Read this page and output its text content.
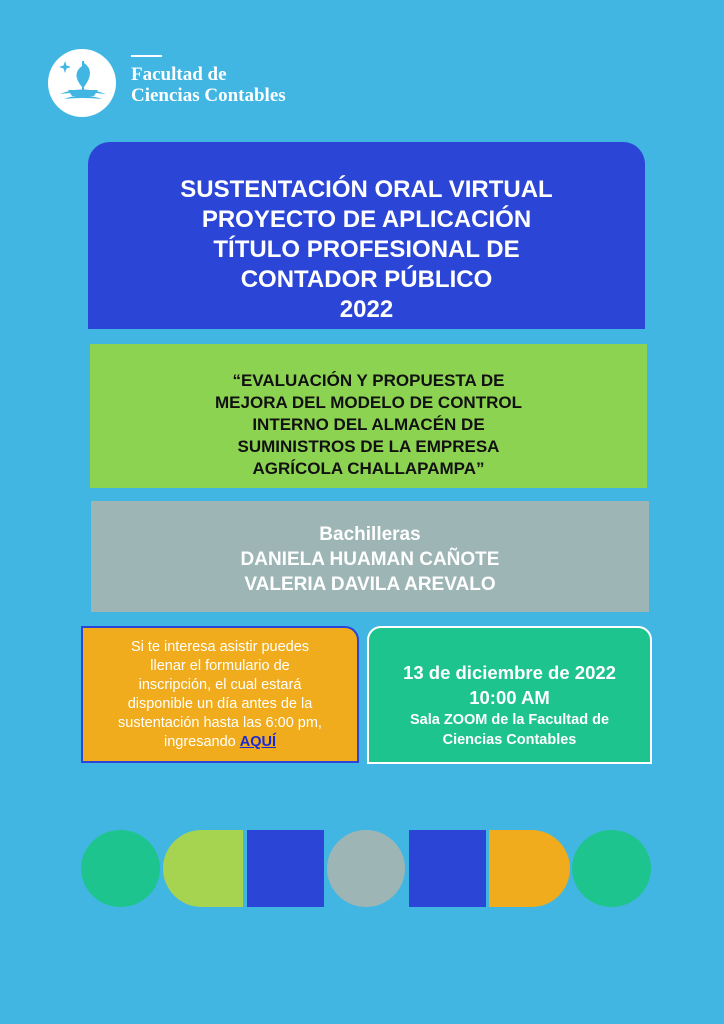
Facultad de
Ciencias Contables
SUSTENTACIÓN ORAL VIRTUAL
PROYECTO DE APLICACIÓN
TÍTULO PROFESIONAL DE
CONTADOR PÚBLICO
2022
“EVALUACIÓN Y PROPUESTA DE
MEJORA DEL MODELO DE CONTROL
INTERNO DEL ALMACÉN DE
SUMINISTROS DE LA EMPRESA
AGRÍCOLA CHALLAPAMPA”
Bachilleras
DANIELA HUAMAN CAÑOTE
VALERIA DAVILA AREVALO
Si te interesa asistir puedes
llenar el formulario de
inscripción, el cual estará
disponible un día antes de la
sustentación hasta las 6:00 pm,
ingresando AQUÍ
13 de diciembre de 2022
10:00 AM
Sala ZOOM de la Facultad de
Ciencias Contables
